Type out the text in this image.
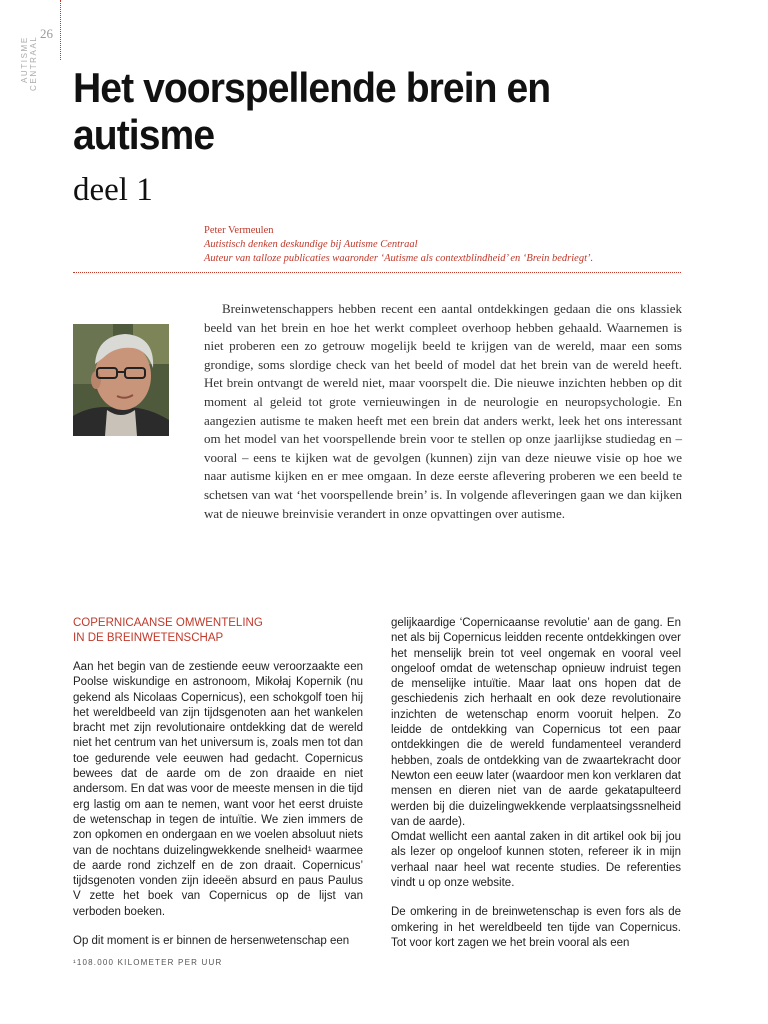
26
AUTISME CENTRAAL Het voorspellende brein en autisme
deel 1
Peter Vermeulen
Autistisch denken deskundige bij Autisme Centraal
Auteur van talloze publicaties waaronder ‘Autisme als contextblindheid’ en ‘Brein bedriegt’.

Breinwetenschappers hebben recent een aantal ontdekkingen gedaan die ons klassiek beeld van het brein en hoe het werkt compleet overhoop hebben gehaald. Waarnemen is niet proberen een zo getrouw mogelijk beeld te krijgen van de wereld, maar een soms grondige, soms slordige check van het beeld of model dat het brein van de wereld heeft. Het brein ontvangt de wereld niet, maar voorspelt die. Die nieuwe inzichten hebben op dit moment al geleid tot grote vernieuwingen in de neurologie en neuropsychologie. En aangezien autisme te maken heeft met een brein dat anders werkt, leek het ons interessant om het model van het voorspellende brein voor te stellen op onze jaarlijkse studiedag en – vooral – eens te kijken wat de gevolgen (kunnen) zijn van deze nieuwe visie op hoe we naar autisme kijken en er mee omgaan. In deze eerste aflevering proberen we een beeld te schetsen van wat ‘het voorspellende brein’ is. In volgende afleveringen gaan we dan kijken wat de nieuwe breinvisie verandert in onze opvattingen over autisme.

COPERNICAANSE OMWENTELING
IN DE BREINWETENSCHAP

Aan het begin van de zestiende eeuw veroorzaakte een Poolse wiskundige en astronoom, Mikołaj Kopernik (nu gekend als Nicolaas Copernicus), een schokgolf toen hij het wereldbeeld van zijn tijdsgenoten aan het wankelen bracht met zijn revolutionaire ontdekking dat de wereld niet het centrum van het universum is, zoals men tot dan toe gedurende vele eeuwen had gedacht. Copernicus bewees dat de aarde om de zon draaide en niet andersom. En dat was voor de meeste mensen in die tijd erg lastig om aan te nemen, want voor het eerst druiste de wetenschap in tegen de intuïtie. We zien immers de zon opkomen en ondergaan en we voelen absoluut niets van de nochtans duizelingwekkende snelheid¹ waarmee de aarde rond zichzelf en de zon draait. Copernicus’ tijdsgenoten vonden zijn ideeën absurd en paus Paulus V zette het boek van Copernicus op de lijst van verboden boeken.

Op dit moment is er binnen de hersenwetenschap een

gelijkaardige ‘Copernicaanse revolutie’ aan de gang. En net als bij Copernicus leidden recente ontdekkingen over het menselijk brein tot veel ongemak en vooral veel ongeloof omdat de wetenschap opnieuw indruist tegen de menselijke intuïtie. Maar laat ons hopen dat de geschiedenis zich herhaalt en ook deze revolutionaire inzichten de wetenschap enorm vooruit helpen. Zo leidde de ontdekking van Copernicus tot een paar ontdekkingen die de wereld fundamenteel veranderd hebben, zoals de ontdekking van de zwaartekracht door Newton een eeuw later (waardoor men kon verklaren dat mensen en dieren niet van de aarde gekatapulteerd werden bij die duizelingwekkende verplaatsingssnelheid van de aarde).

Omdat wellicht een aantal zaken in dit artikel ook bij jou als lezer op ongeloof kunnen stoten, refereer ik in mijn verhaal naar heel wat recente studies. De referenties vindt u op onze website.

De omkering in de breinwetenschap is even fors als de omkering in het wereldbeeld ten tijde van Copernicus. Tot voor kort zagen we het brein vooral als een

¹108.000 KILOMETER PER UUR
